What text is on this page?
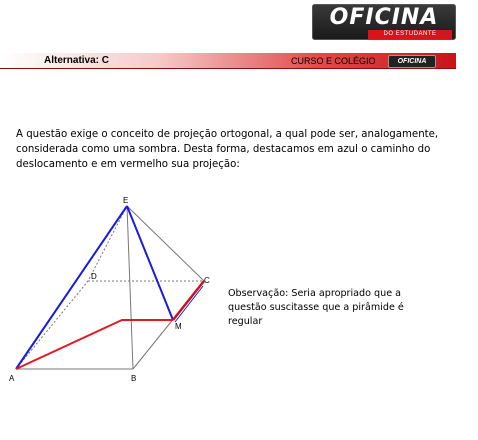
OFICINA
DO ESTUDANTE
Alternativa: C	CURSO E COLÉGIO	OFICINA
A questão exige o conceito de projeção ortogonal, a qual pode ser, analogamente, considerada como uma sombra. Desta forma, destacamos em azul o caminho do deslocamento e em vermelho sua projeção:
E
D	C
M
A	B
Observação: Seria apropriado que a questão suscitasse que a pirâmide é regular
